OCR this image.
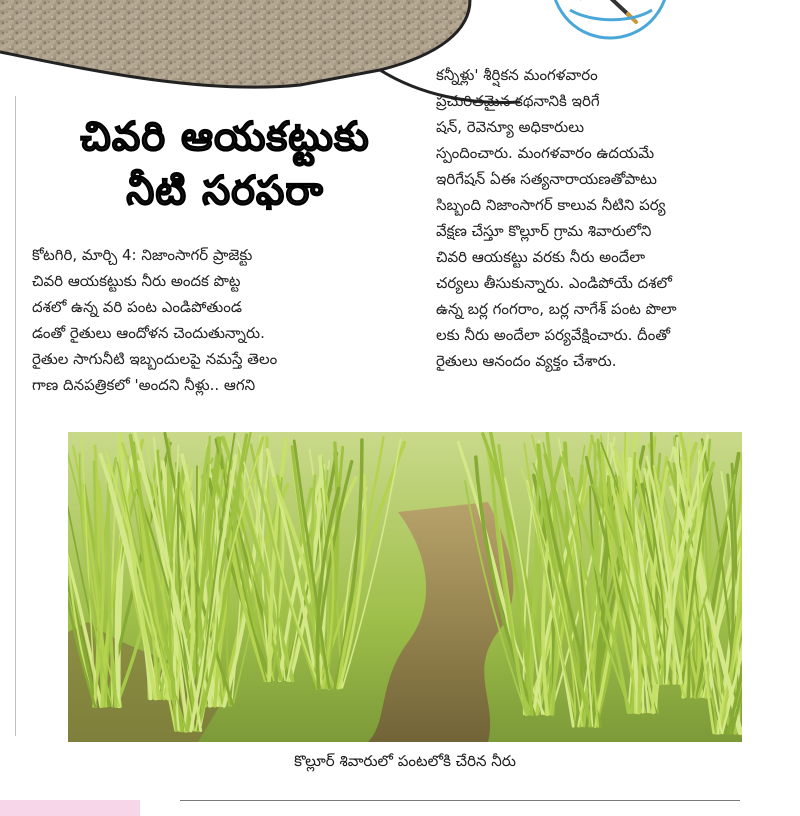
చివరి ఆయకట్టుకు
నీటి సరఫరా
కోటగిరి, మార్చి 4: నిజాంసాగర్ ప్రాజెక్టు
చివరి ఆయకట్టుకు నీరు అందక పొట్ట
దశలో ఉన్న వరి పంట ఎండిపోతుండ
డంతో రైతులు ఆందోళన చెందుతున్నారు.
రైతుల సాగునీటి ఇబ్బందులపై నమస్తే తెలం
గాణ దినపత్రికలో 'అందని నీళ్లు.. ఆగని
కన్నీళ్లు' శీర్షికన మంగళవారం
ప్రచురితమైన కథనానికి ఇరిగే
షన్, రెవెన్యూ అధికారులు
స్పందించారు. మంగళవారం ఉదయమే
ఇరిగేషన్ ఏఈ సత్యనారాయణతోపాటు
సిబ్బంది నిజాంసాగర్ కాలువ నీటిని పర్య
వేక్షణ చేస్తూ కొల్లూర్ గ్రామ శివారులోని
చివరి ఆయకట్టు వరకు నీరు అందేలా
చర్యలు తీసుకున్నారు. ఎండిపోయే దశలో
ఉన్న బర్ల గంగరాం, బర్ల నాగేశ్ పంట పొలా
లకు నీరు అందేలా పర్యవేక్షించారు. దీంతో
రైతులు ఆనందం వ్యక్తం చేశారు.
కొల్లూర్ శివారులో పంటలోకి చేరిన నీరు
